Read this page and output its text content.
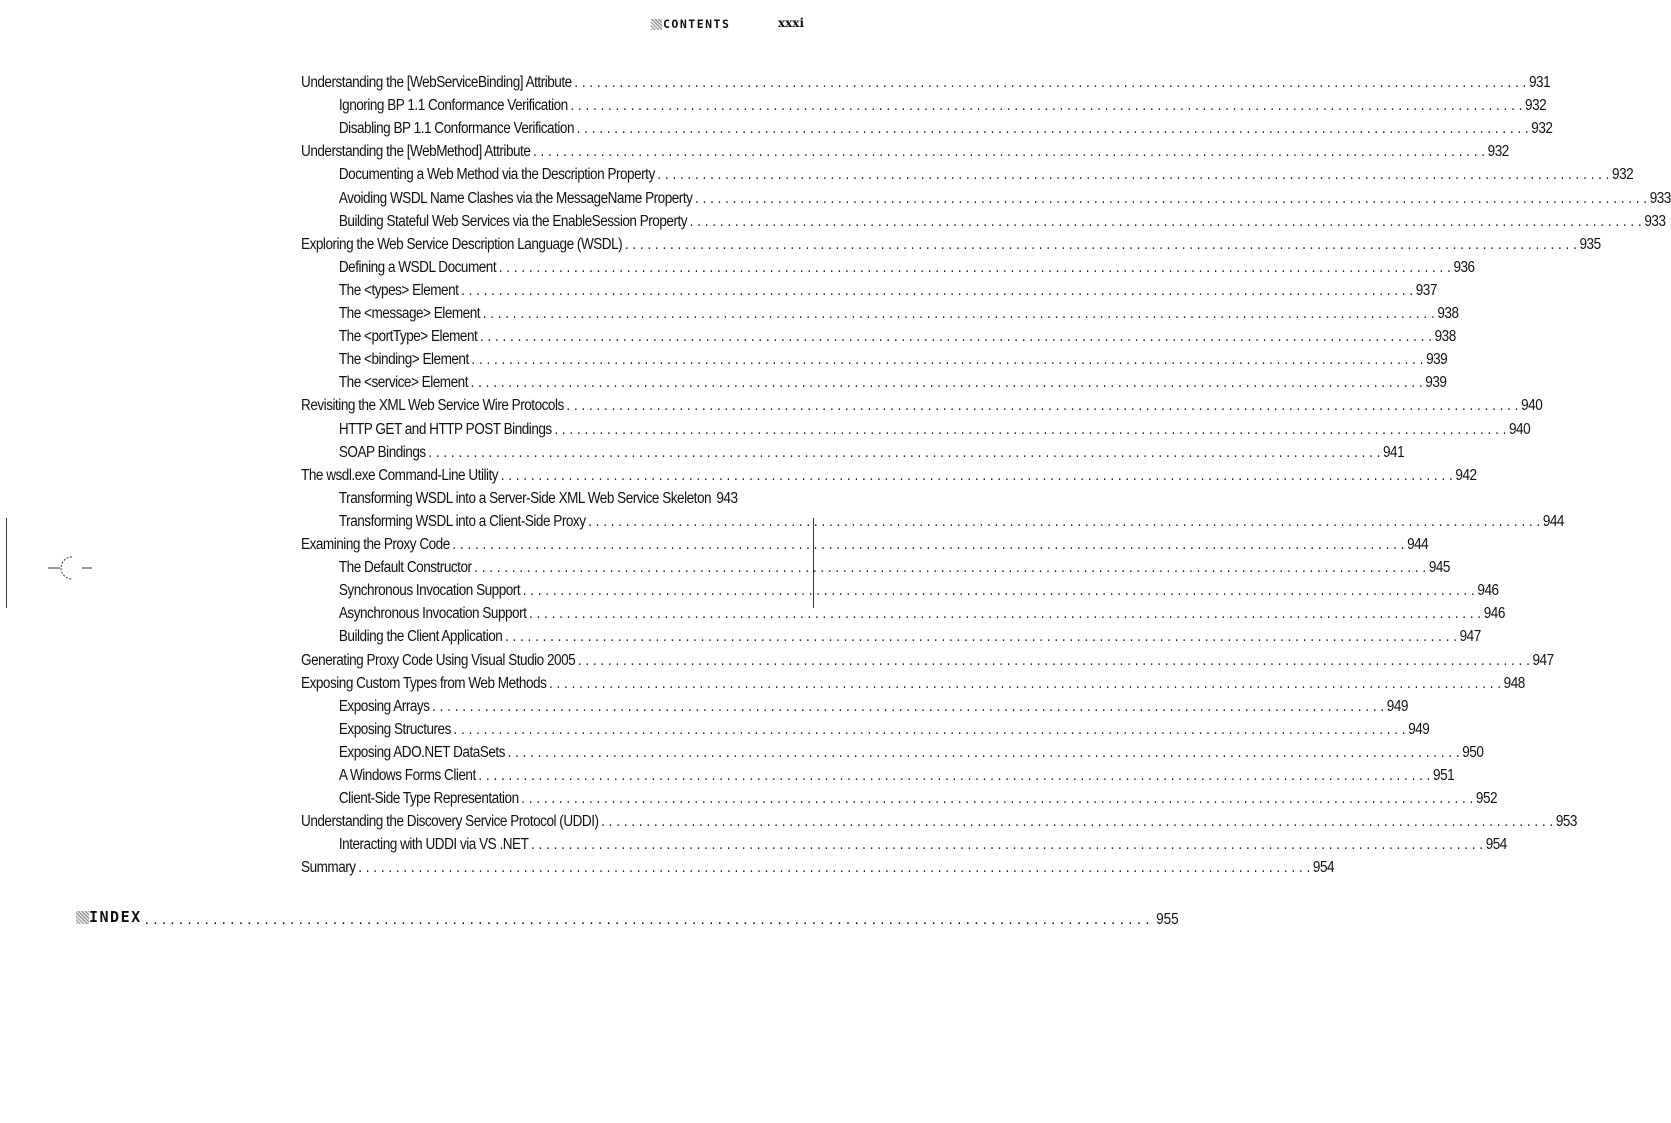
CONTENTS	xxxi
Understanding the [WebServiceBinding] Attribute . . .	931
Ignoring BP 1.1 Conformance Verification . . .	932
Disabling BP 1.1 Conformance Verification . . .	932
Understanding the [WebMethod] Attribute . . .	932
Documenting a Web Method via the Description Property . . .	932
Avoiding WSDL Name Clashes via the MessageName Property . . .	933
Building Stateful Web Services via the EnableSession Property . . .	933
Exploring the Web Service Description Language (WSDL) . . .	935
Defining a WSDL Document . . .	936
The <types> Element . . .	937
The <message> Element . . .	938
The <portType> Element . . .	938
The <binding> Element . . .	939
The <service> Element . . .	939
Revisiting the XML Web Service Wire Protocols . . .	940
HTTP GET and HTTP POST Bindings . . .	940
SOAP Bindings . . .	941
The wsdl.exe Command-Line Utility . . .	942
Transforming WSDL into a Server-Side XML Web Service Skeleton 943
Transforming WSDL into a Client-Side Proxy . . .	944
Examining the Proxy Code . . .	944
The Default Constructor . . .	945
Synchronous Invocation Support . . .	946
Asynchronous Invocation Support . . .	946
Building the Client Application . . .	947
Generating Proxy Code Using Visual Studio 2005 . . .	947
Exposing Custom Types from Web Methods . . .	948
Exposing Arrays . . .	949
Exposing Structures . . .	949
Exposing ADO.NET DataSets . . .	950
A Windows Forms Client . . .	951
Client-Side Type Representation . . .	952
Understanding the Discovery Service Protocol (UDDI) . . .	953
Interacting with UDDI via VS .NET . . .	954
Summary . . .	954
INDEX . . .	955
